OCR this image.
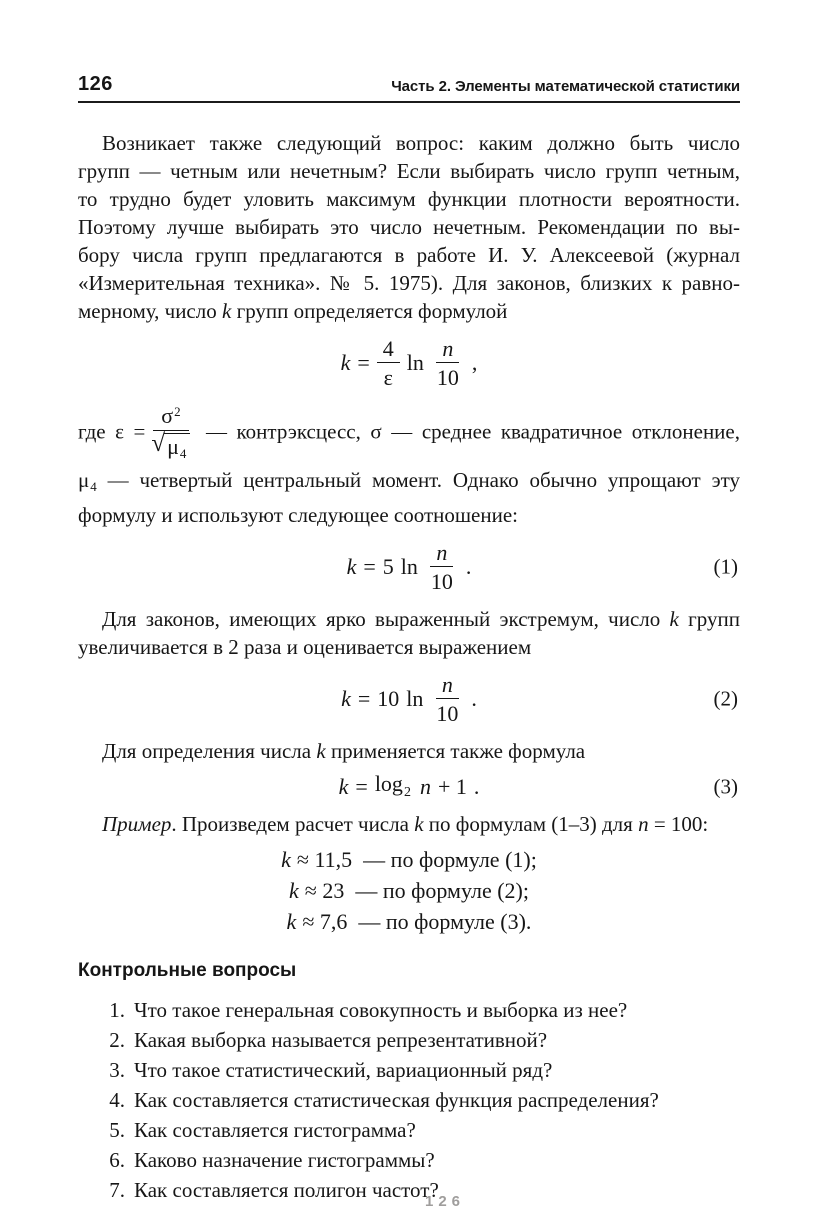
126	Часть 2. Элементы математической статистики

Возникает также следующий вопрос: каким должно быть число

групп — четным или нечетным? Если выбирать число групп четным,

то трудно будет уловить максимум функции плотности вероятности.

Поэтому лучше выбирать это число нечетным. Рекомендации по вы-

бору числа групп предлагаются в работе И. У. Алексеевой (журнал

«Измерительная техника». № 5. 1975). Для законов, близких к равно-

мерному, число k групп определяется формулой

$k = \frac{4}{\varepsilon}$ $\ln \frac{n}{10}$ ,

где $\varepsilon = \frac{\sigma^2}{√ \mu_4}$ — контрэксцесс, σ — среднее квадратичное отклонение,

$\mu_4$ — четвертый центральный момент. Однако обычно упрощают эту

формулу и используют следующее соотношение:

k = 5 $\ln \frac{n}{10}$ .	(1)

Для законов, имеющих ярко выраженный экстремум, число k групп

увеличивается в 2 раза и оценивается выражением

k = 10 $\ln \frac{n}{10}$ .	(2)

Для определения числа k применяется также формула

$k = \log_2 n + 1$ .	(3)

Пример. Произведем расчет числа k по формулам (1–3) для n = 100:

k ≈ 11,5 — по формуле (1);

k ≈ 23 — по формуле (2);

k ≈ 7,6 — по формуле (3).

Контрольные вопросы
1. Что такое генеральная совокупность и выборка из нее?
2. Какая выборка называется репрезентативной?
3. Что такое статистический, вариационный ряд?
4. Как составляется статистическая функция распределения?
5. Как составляется гистограмма?
6. Каково назначение гистограммы?
7. Как составляется полигон частот?
126
